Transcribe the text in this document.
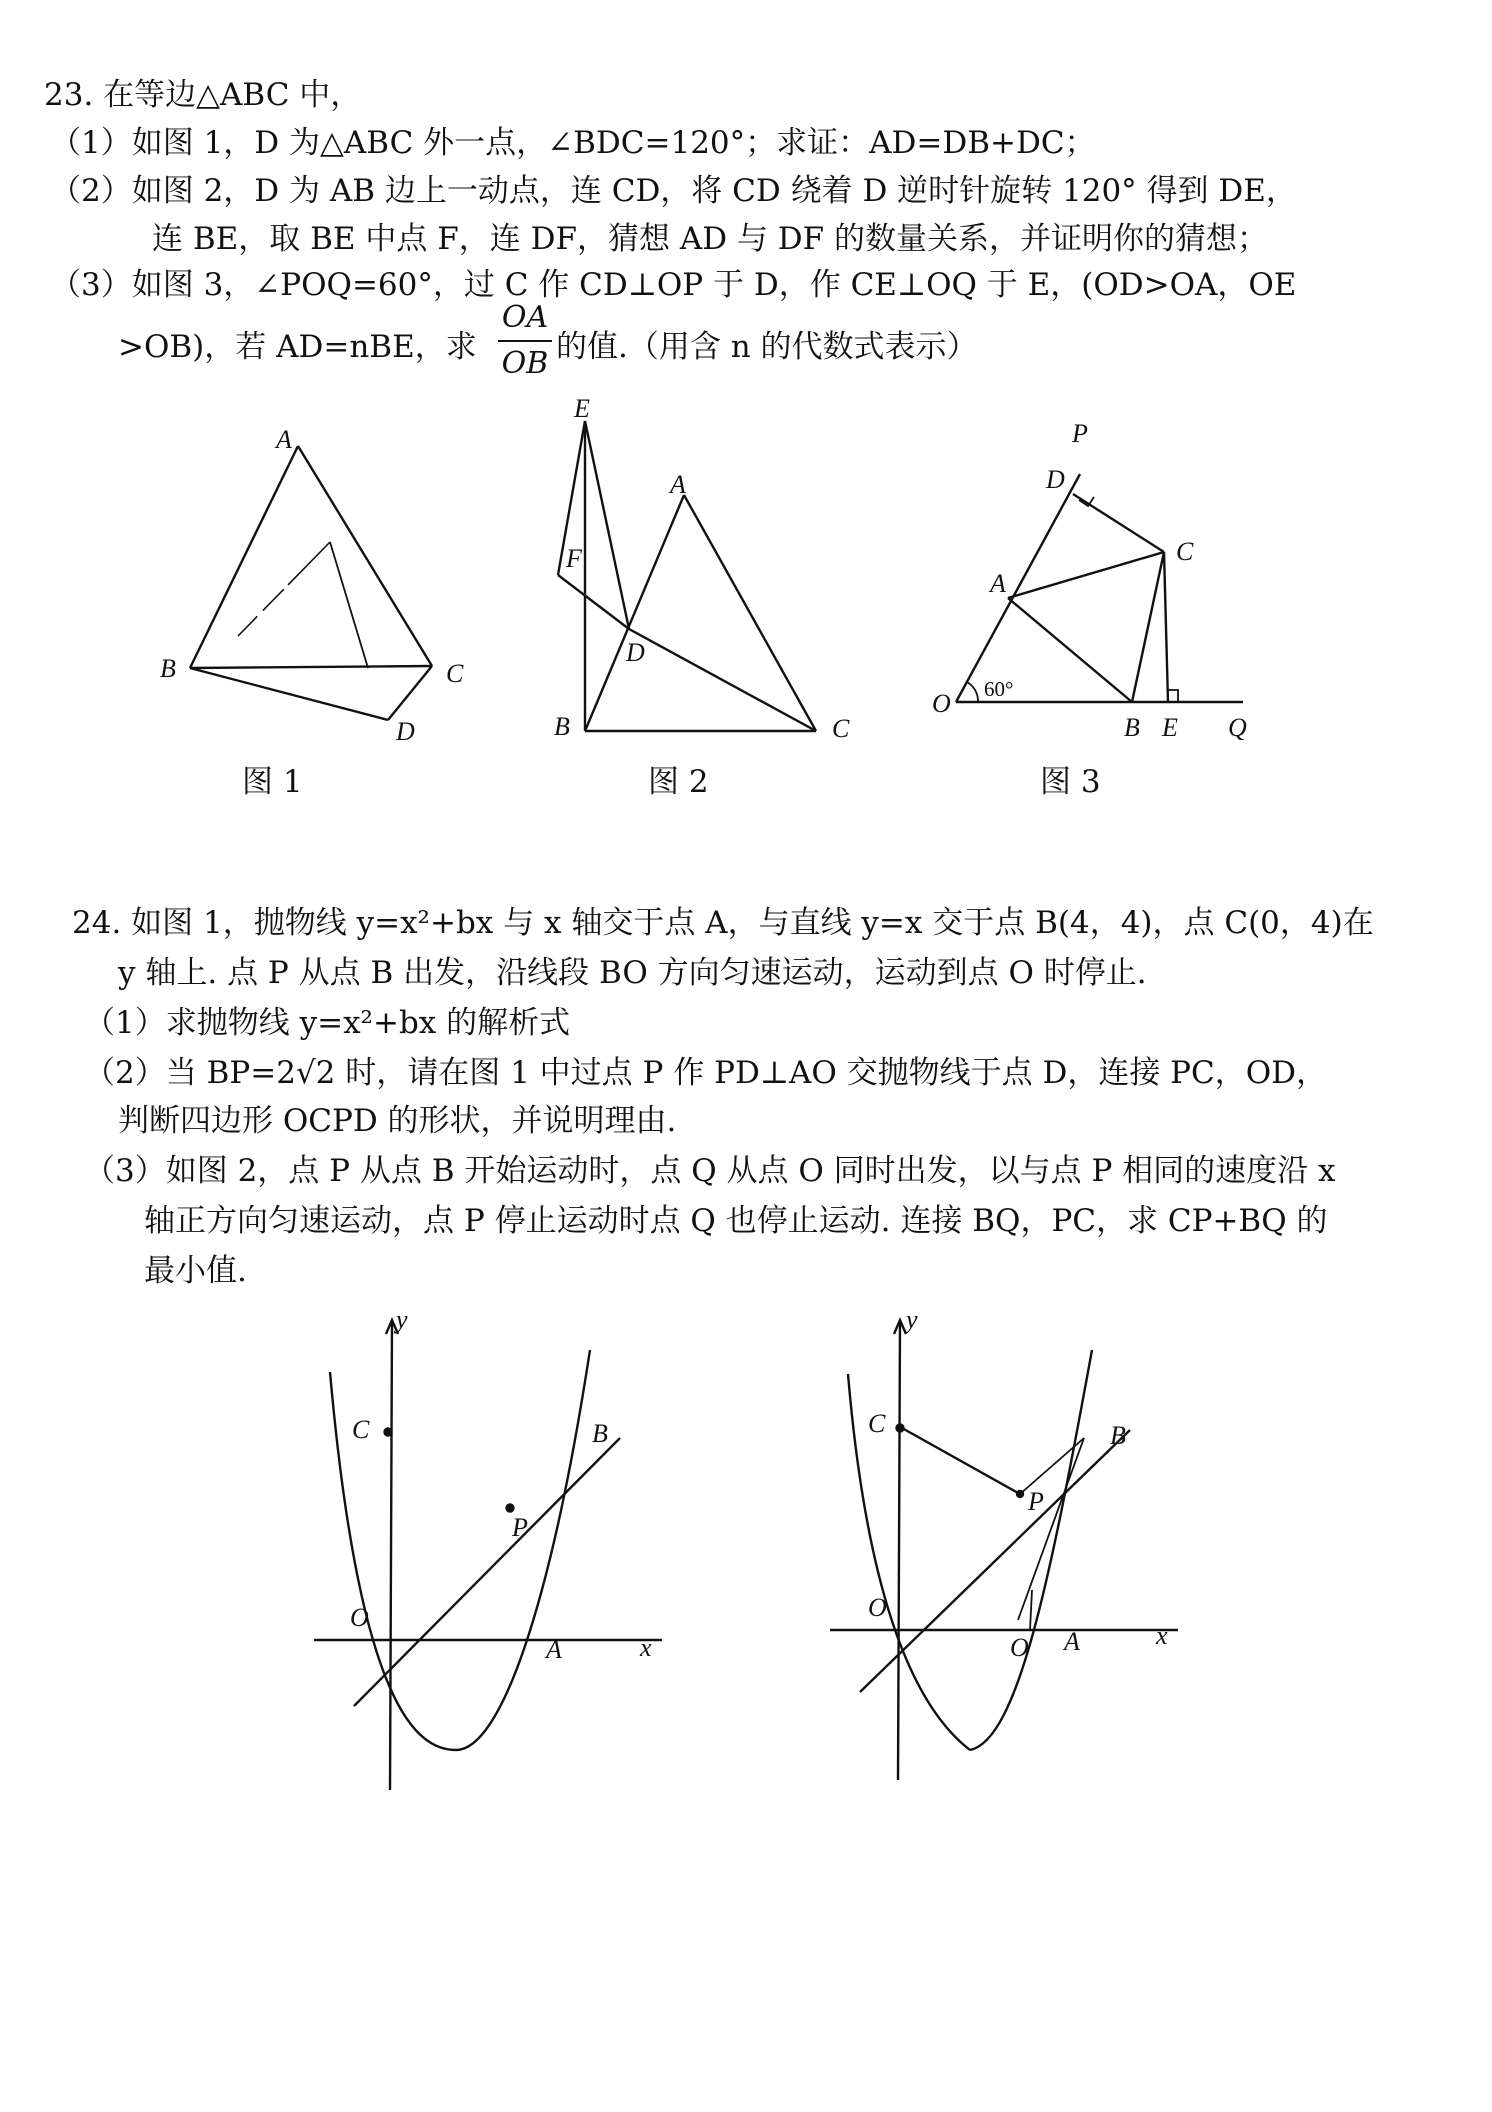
23. 在等边△ABC 中，
（1）如图 1，D 为△ABC 外一点，∠BDC=120°；求证：AD=DB+DC；
（2）如图 2，D 为 AB 边上一动点，连 CD，将 CD 绕着 D 逆时针旋转 120° 得到 DE，
连 BE，取 BE 中点 F，连 DF，猜想 AD 与 DF 的数量关系，并证明你的猜想；
（3）如图 3，∠POQ=60°，过 C 作 CD⊥OP 于 D，作 CE⊥OQ 于 E，(OD>OA，OE
>OB)，若 AD=nBE，求
OA
OB 的值.（用含 n 的代数式表示）
A
B	C
D
图 1
E
F
A
D
B	C
图 2
P
D
C
A
O 60°
B E Q
图 3
24. 如图 1，抛物线 y=x²+bx 与 x 轴交于点 A，与直线 y=x 交于点 B(4，4)，点 C(0，4)在
y 轴上. 点 P 从点 B 出发，沿线段 BO 方向匀速运动，运动到点 O 时停止.
（1）求抛物线 y=x²+bx 的解析式
（2）当 BP=2√2 时，请在图 1 中过点 P 作 PD⊥AO 交抛物线于点 D，连接 PC，OD，
判断四边形 OCPD 的形状，并说明理由.
（3）如图 2，点 P 从点 B 开始运动时，点 Q 从点 O 同时出发，以与点 P 相同的速度沿 x
轴正方向匀速运动，点 P 停止运动时点 Q 也停止运动. 连接 BQ，PC，求 CP+BQ 的
最小值.
y
x
C	B
P
O
A
y
x
C	B
P
O
O A
